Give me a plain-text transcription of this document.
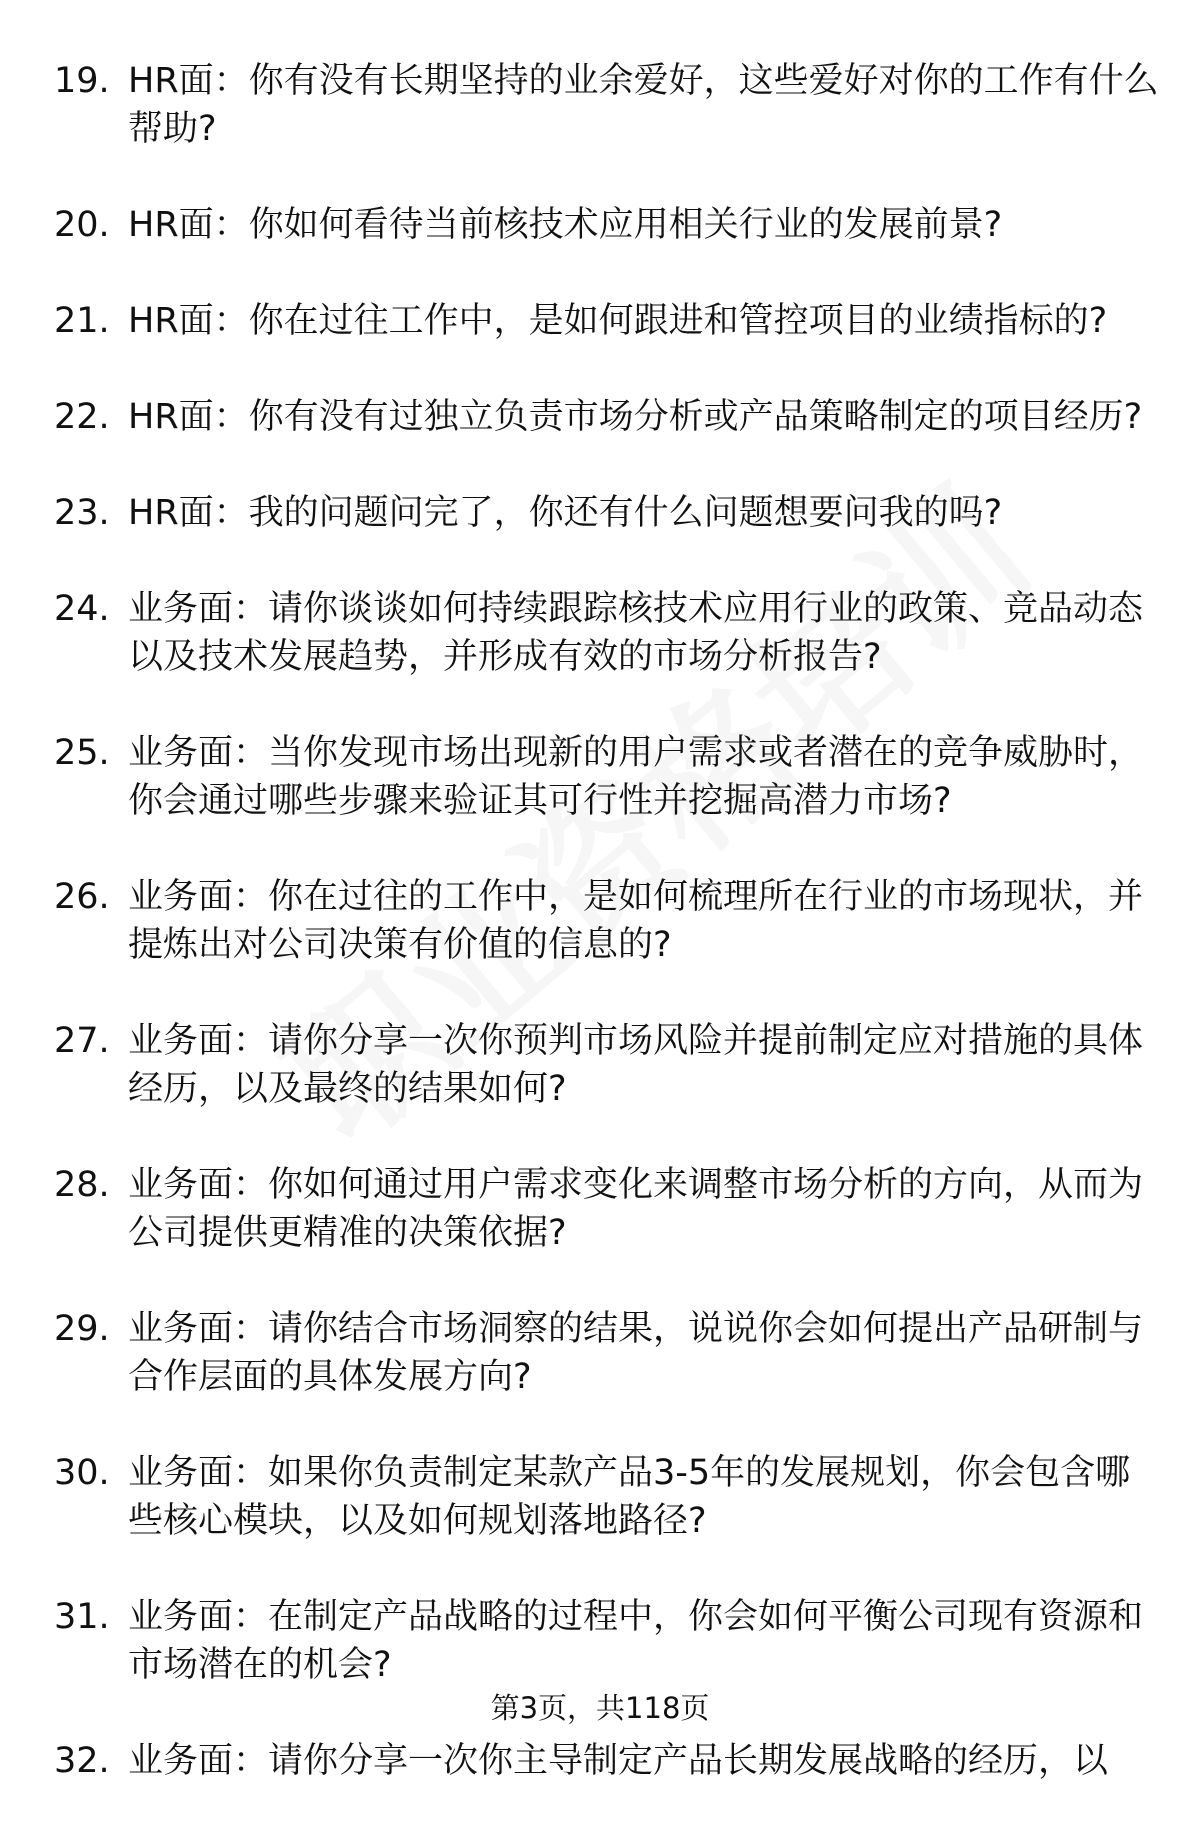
19. HR面：你有没有长期坚持的业余爱好，这些爱好对你的工作有什么帮助?
20. HR面：你如何看待当前核技术应用相关行业的发展前景?
21. HR面：你在过往工作中，是如何跟进和管控项目的业绩指标的?
22. HR面：你有没有过独立负责市场分析或产品策略制定的项目经历?
23. HR面：我的问题问完了，你还有什么问题想要问我的吗?
24. 业务面：请你谈谈如何持续跟踪核技术应用行业的政策、竞品动态以及技术发展趋势，并形成有效的市场分析报告?
25. 业务面：当你发现市场出现新的用户需求或者潜在的竞争威胁时，你会通过哪些步骤来验证其可行性并挖掘高潜力市场?
26. 业务面：你在过往的工作中，是如何梳理所在行业的市场现状，并提炼出对公司决策有价值的信息的?
27. 业务面：请你分享一次你预判市场风险并提前制定应对措施的具体经历，以及最终的结果如何?
28. 业务面：你如何通过用户需求变化来调整市场分析的方向，从而为公司提供更精准的决策依据?
29. 业务面：请你结合市场洞察的结果，说说你会如何提出产品研制与合作层面的具体发展方向?
30. 业务面：如果你负责制定某款产品3-5年的发展规划，你会包含哪些核心模块，以及如何规划落地路径?
31. 业务面：在制定产品战略的过程中，你会如何平衡公司现有资源和市场潜在的机会?
32. 业务面：请你分享一次你主导制定产品长期发展战略的经历，以
第3页，共118页
